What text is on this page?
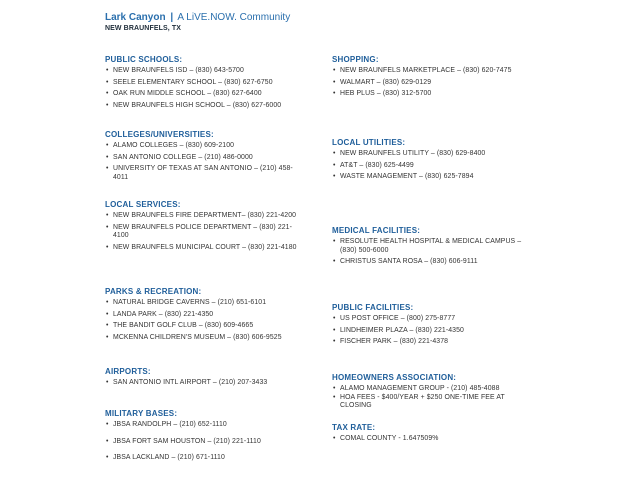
Lark Canyon | A LiVE.NOW. Community
NEW BRAUNFELS, TX
PUBLIC SCHOOLS:
• NEW BRAUNFELS ISD – (830) 643-5700
• SEELE ELEMENTARY SCHOOL – (830) 627-6750
• OAK RUN MIDDLE SCHOOL – (830) 627-6400
• NEW BRAUNFELS HIGH SCHOOL – (830) 627-6000
COLLEGES/UNIVERSITIES:
• ALAMO COLLEGES – (830) 609-2100
• SAN ANTONIO COLLEGE – (210) 486-0000
• UNIVERSITY OF TEXAS AT SAN ANTONIO – (210) 458-4011
LOCAL SERVICES:
• NEW BRAUNFELS FIRE DEPARTMENT– (830) 221-4200
• NEW BRAUNFELS POLICE DEPARTMENT – (830) 221-4100
• NEW BRAUNFELS MUNICIPAL COURT – (830) 221-4180
PARKS & RECREATION:
• NATURAL BRIDGE CAVERNS – (210) 651-6101
• LANDA PARK – (830) 221-4350
• THE BANDIT GOLF CLUB – (830) 609-4665
• MCKENNA CHILDREN'S MUSEUM – (830) 606-9525
AIRPORTS:
• SAN ANTONIO INTL AIRPORT – (210) 207-3433
MILITARY BASES:
• JBSA RANDOLPH – (210) 652-1110
• JBSA FORT SAM HOUSTON – (210) 221-1110
• JBSA LACKLAND – (210) 671-1110
SHOPPING:
• NEW BRAUNFELS MARKETPLACE – (830) 620-7475
• WALMART – (830) 629-0129
• HEB PLUS – (830) 312-5700
LOCAL UTILITIES:
• NEW BRAUNFELS UTILITY – (830) 629-8400
• AT&T – (830) 625-4499
• WASTE MANAGEMENT – (830) 625-7894
MEDICAL FACILITIES:
• RESOLUTE HEALTH HOSPITAL & MEDICAL CAMPUS – (830) 500-6000
• CHRISTUS SANTA ROSA – (830) 606-9111
PUBLIC FACILITIES:
• US POST OFFICE – (800) 275-8777
• LINDHEIMER PLAZA – (830) 221-4350
• FISCHER PARK – (830) 221-4378
HOMEOWNERS ASSOCIATION:
• ALAMO MANAGEMENT GROUP - (210) 485-4088
• HOA FEES - $400/YEAR + $250 ONE-TIME FEE AT CLOSING
TAX RATE:
• COMAL COUNTY - 1.647509%
